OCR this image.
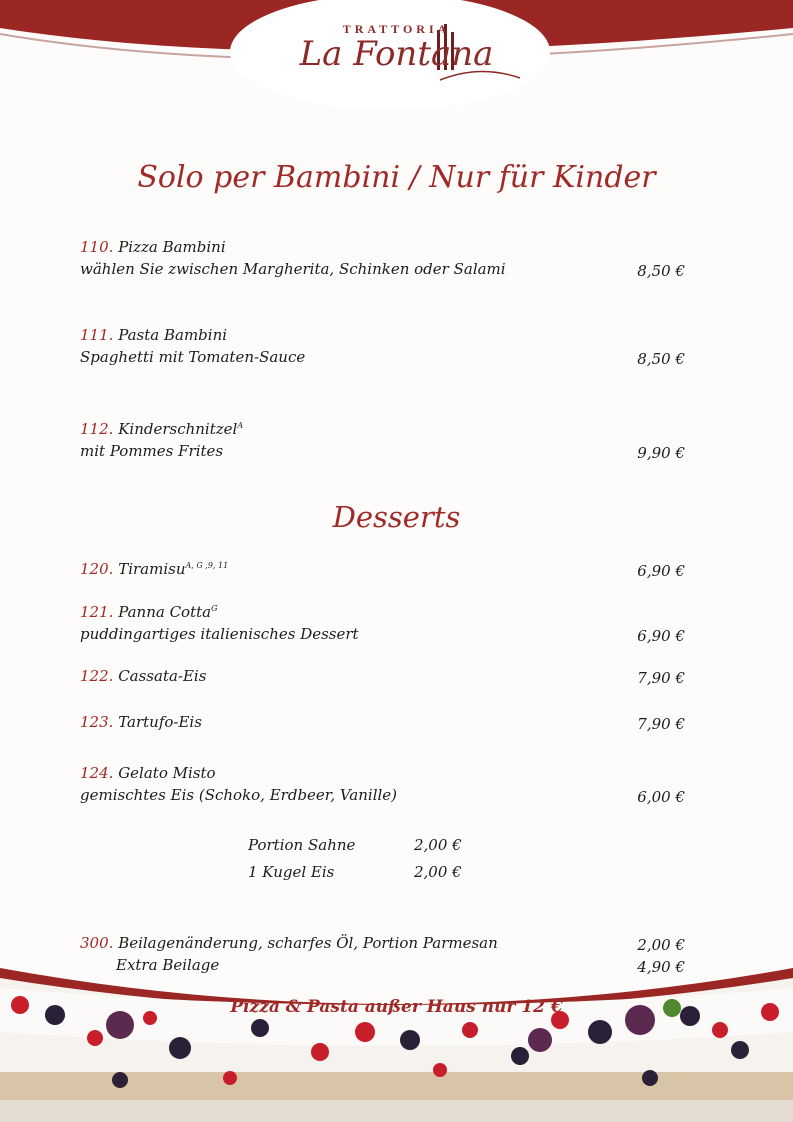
TRATTORIA
La Fontana
Solo per Bambini / Nur für Kinder
110. Pizza Bambini
wählen Sie zwischen Margherita, Schinken oder Salami	8,50 €
111. Pasta Bambini
Spaghetti mit Tomaten-Sauce	8,50 €
112. Kinderschnitzel$^A$
mit Pommes Frites	9,90 €
Desserts
120. Tiramisu$^{A, G ,9, 11}$	6,90 €
121. Panna Cotta$^G$
puddingartiges italienisches Dessert	6,90 €
122. Cassata-Eis	7,90 €
123. Tartufo-Eis	7,90 €
124. Gelato Misto
gemischtes Eis (Schoko, Erdbeer, Vanille)	6,00 €
Portion Sahne	2,00 €
1 Kugel Eis	2,00 €
300. Beilagenänderung, scharfes Öl, Portion Parmesan	2,00 €
Extra Beilage	4,90 €
Pizza & Pasta außer Haus nur 12 €
